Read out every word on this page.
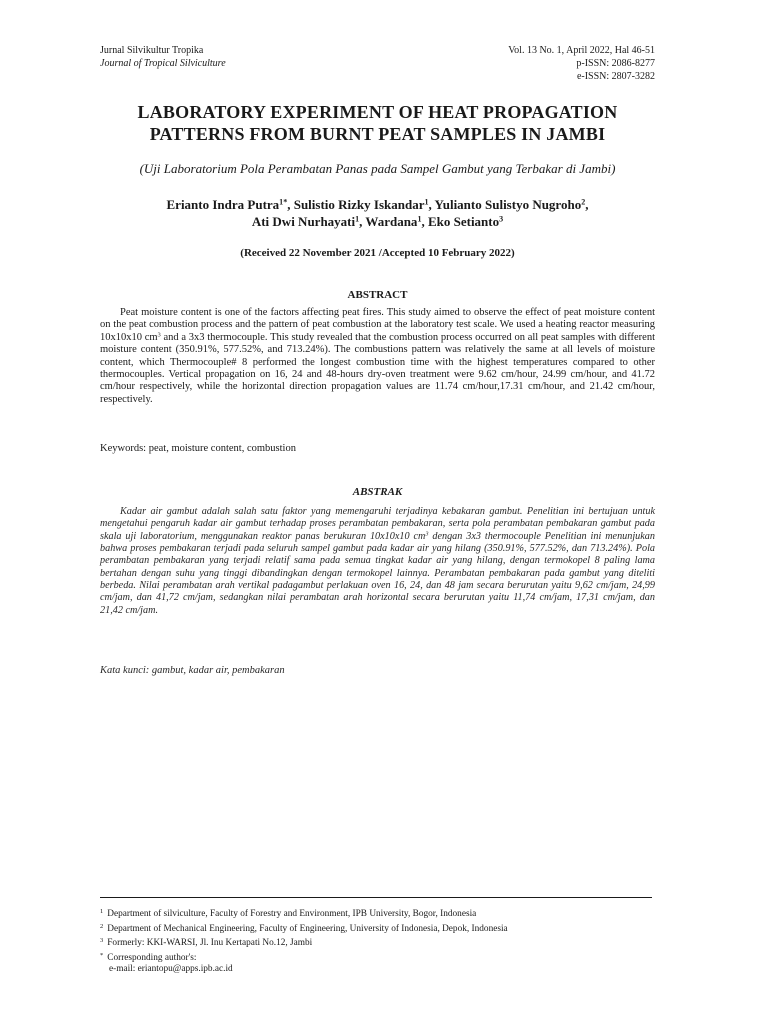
Jurnal Silvikultur Tropika
Journal of Tropical Silviculture
Vol. 13 No. 1, April 2022, Hal 46-51
p-ISSN: 2086-8277
e-ISSN: 2807-3282
LABORATORY EXPERIMENT OF HEAT PROPAGATION
PATTERNS FROM BURNT PEAT SAMPLES IN JAMBI
(Uji Laboratorium Pola Perambatan Panas pada Sampel Gambut yang Terbakar di Jambi)
Erianto Indra Putra$^{1*}$, Sulistio Rizky Iskandar$^1$, Yulianto Sulistyo Nugroho$^2$,
Ati Dwi Nurhayati$^1$, Wardana$^1$, Eko Setianto$^3$
(Received 22 November 2021 /Accepted 10 February 2022)
ABSTRACT
Peat moisture content is one of the factors affecting peat fires. This study aimed to observe the effect of peat moisture content on the peat combustion process and the pattern of peat combustion at the laboratory test scale. We used a heating reactor measuring 10x10x10 $cm^3$ and a 3x3 thermocouple. This study revealed that the combustion process occurred on all peat samples with different moisture content (350.91%, 577.52%, and 713.24%). The combustions pattern was relatively the same at all levels of moisture content, which Thermocouple# 8 performed the longest combustion time with the highest temperatures compared to other thermocouples. Vertical propagation on 16, 24 and 48-hours dry-oven treatment were 9.62 cm/hour, 24.99 cm/hour, and 41.72 cm/hour respectively, while the horizontal direction propagation values are 11.74 cm/hour,17.31 cm/hour, and 21.42 cm/hour, respectively.
Keywords: peat, moisture content, combustion
ABSTRAK
Kadar air gambut adalah salah satu faktor yang memengaruhi terjadinya kebakaran gambut. Penelitian ini bertujuan untuk mengetahui pengaruh kadar air gambut terhadap proses perambatan pembakaran, serta pola perambatan pembakaran gambut pada skala uji laboratorium, menggunakan reaktor panas berukuran 10x10x10 $cm^3$ dengan 3x3 thermocouple Penelitian ini menunjukan bahwa proses pembakaran terjadi pada seluruh sampel gambut pada kadar air yang hilang (350.91%, 577.52%, dan 713.24%). Pola perambatan pembakaran yang terjadi relatif sama pada semua tingkat kadar air yang hilang, dengan termokopel 8 paling lama bertahan dengan suhu yang tinggi dibandingkan dengan termokopel lainnya. Perambatan pembakaran pada gambut yang diteliti berbeda. Nilai perambatan arah vertikal padagambut perlakuan oven 16, 24, dan 48 jam secara berurutan yaitu 9,62 cm/jam, 24,99 cm/jam, dan 41,72 cm/jam, sedangkan nilai perambatan arah horizontal secara berurutan yaitu 11,74 cm/jam, 17,31 cm/jam, dan 21,42 cm/jam.
Kata kunci: gambut, kadar air, pembakaran
$^1$ Department of silviculture, Faculty of Forestry and Environment, IPB University, Bogor, Indonesia
$^2$ Department of Mechanical Engineering, Faculty of Engineering, University of Indonesia, Depok, Indonesia
$^3$ Formerly: KKI-WARSI, Jl. Inu Kertapati No.12, Jambi
* Corresponding author's:
e-mail: eriantopu@apps.ipb.ac.id
